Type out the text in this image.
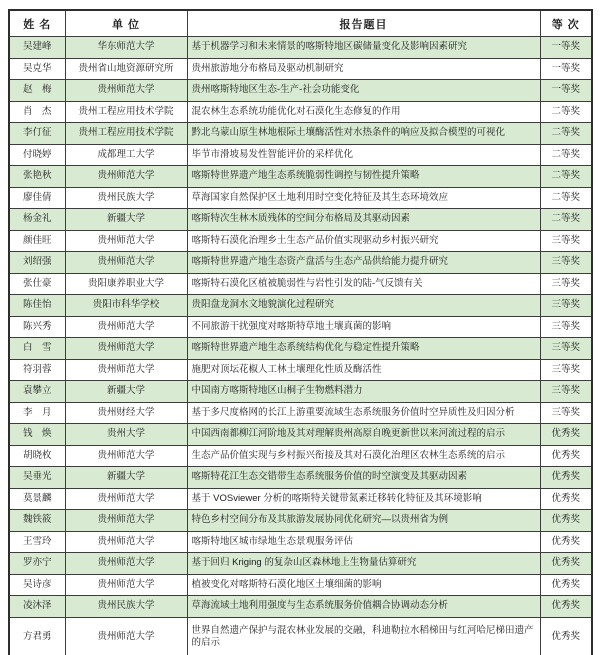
姓 名	单 位	报告题目	等 次
吴建峰	华东师范大学	基于机器学习和未来情景的喀斯特地区碳储量变化及影响因素研究	一等奖
吴克华	贵州省山地资源研究所	贵州旅游地分布格局及驱动机制研究	一等奖
赵　梅	贵州师范大学	贵州喀斯特地区生态-生产-社会功能变化	一等奖
肖　杰	贵州工程应用技术学院	混农林生态系统功能优化对石漠化生态修复的作用	二等奖
李仃征	贵州工程应用技术学院	黔北乌蒙山原生林地根际土壤酶活性对水热条件的响应及拟合模型的可视化	二等奖
付晓婷	成都理工大学	毕节市滑坡易发性智能评价的采样优化	二等奖
张艳秋	贵州师范大学	喀斯特世界遗产地生态系统脆弱性调控与韧性提升策略	二等奖
廖佳倩	贵州民族大学	草海国家自然保护区土地利用时空变化特征及其生态环境效应	二等奖
杨金礼	新疆大学	喀斯特次生林木质残体的空间分布格局及其驱动因素	二等奖
颜佳旺	贵州师范大学	喀斯特石漠化治理乡土生态产品价值实现驱动乡村振兴研究	三等奖
刘绍强	贵州师范大学	喀斯特世界遗产地生态资产盘活与生态产品供给能力提升研究	三等奖
张仕豪	贵阳康养职业大学	喀斯特石漠化区植被脆弱性与岩性引发的陆-气反馈有关	三等奖
陈佳怡	贵阳市科华学校	贵阳盘龙洞水文地貌演化过程研究	三等奖
陈兴秀	贵州师范大学	不同旅游干扰强度对喀斯特草地土壤真菌的影响	三等奖
白　雪	贵州师范大学	喀斯特世界遗产地生态系统结构优化与稳定性提升策略	三等奖
符羽蓉	贵州师范大学	施肥对顶坛花椒人工林土壤理化性质及酶活性	三等奖
袁攀立	新疆大学	中国南方喀斯特地区山桐子生物燃料潜力	三等奖
李　月	贵州财经大学	基于多尺度格网的长江上游重要流域生态系统服务价值时空异质性及归因分析	三等奖
钱　焕	贵州大学	中国西南都柳江河阶地及其对理解贵州高原自晚更新世以来河流过程的启示	优秀奖
胡晓枚	贵州师范大学	生态产品价值实现与乡村振兴衔接及其对石漠化治理区农林生态系统的启示	优秀奖
吴垂光	新疆大学	喀斯特花江生态交错带生态系统服务价值的时空演变及其驱动因素	优秀奖
莫景麟	贵州师范大学	基于 VOSviewer 分析的喀斯特关键带氮素迁移转化特征及其环境影响	优秀奖
魏铁筱	贵州师范大学	特色乡村空间分布及其旅游发展协同优化研究—以贵州省为例	优秀奖
王雪玲	贵州师范大学	喀斯特地区城市绿地生态景观服务评估	优秀奖
罗亦宁	贵州师范大学	基于回归 Kriging 的复杂山区森林地上生物量估算研究	优秀奖
吴诗彦	贵州师范大学	植被变化对喀斯特石漠化地区土壤细菌的影响	优秀奖
凌沐泽	贵州民族大学	草海流域土地利用强度与生态系统服务价值耦合协调动态分析	优秀奖
方君勇	贵州师范大学	世界自然遗产保护与混农林业发展的交融，科迪勒拉水稻梯田与红河哈尼梯田遗产的启示	优秀奖
